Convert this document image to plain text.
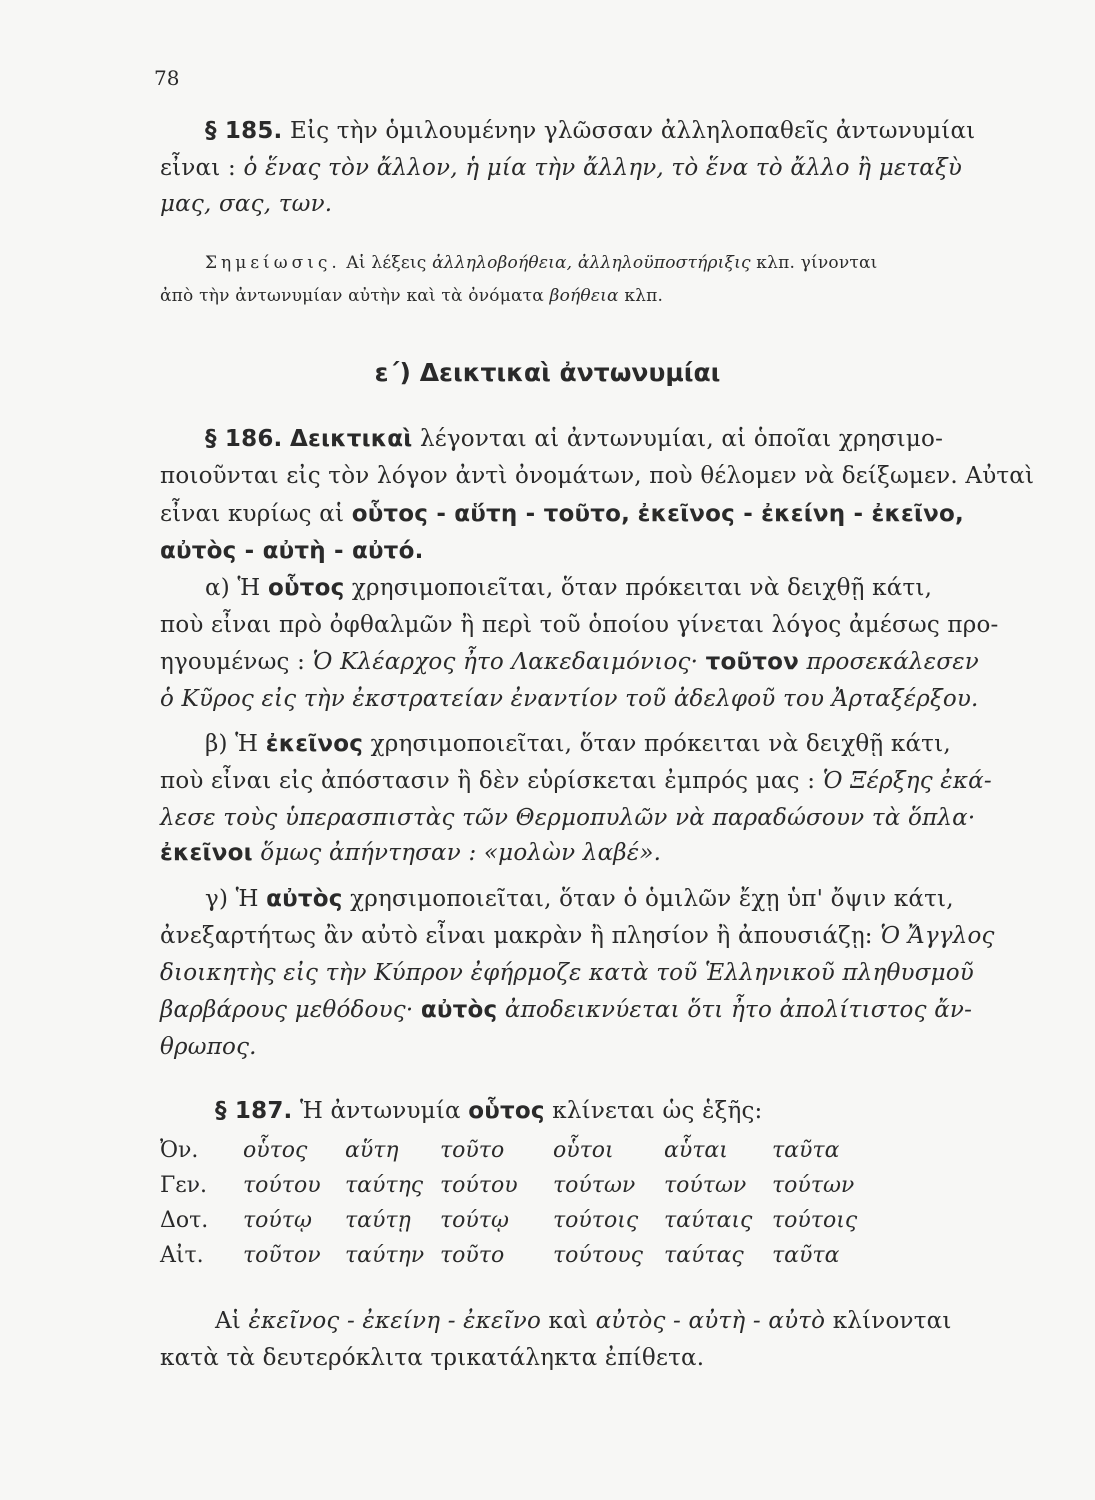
78
§ 185. Εἰς τὴν ὁμιλουμένην γλῶσσαν ἀλληλοπαθεῖς ἀντωνυμίαι
εἶναι : ὁ ἕνας τὸν ἄλλον, ἡ μία τὴν ἄλλην, τὸ ἕνα τὸ ἄλλο ἢ μεταξὺ
μας, σας, των.
Σημείωσις. Αἱ λέξεις ἀλληλοβοήθεια, ἀλληλοϋποστήριξις κλπ. γίνονται
ἀπὸ τὴν ἀντωνυμίαν αὐτὴν καὶ τὰ ὀνόματα βοήθεια κλπ.
ε΄) Δεικτικαὶ ἀντωνυμίαι
§ 186. Δεικτικαὶ λέγονται αἱ ἀντωνυμίαι, αἱ ὁποῖαι χρησιμο-
ποιοῦνται εἰς τὸν λόγον ἀντὶ ὀνομάτων, ποὺ θέλομεν νὰ δείξωμεν. Αὐταὶ
εἶναι κυρίως αἱ οὗτος - αὕτη - τοῦτο, ἐκεῖνος - ἐκείνη - ἐκεῖνο,
αὐτὸς - αὐτὴ - αὐτό.
α) Ἡ οὗτος χρησιμοποιεῖται, ὅταν πρόκειται νὰ δειχθῇ κάτι,
ποὺ εἶναι πρὸ ὀφθαλμῶν ἢ περὶ τοῦ ὁποίου γίνεται λόγος ἀμέσως προ-
ηγουμένως : Ὁ Κλέαρχος ἦτο Λακεδαιμόνιος· τοῦτον προσεκάλεσεν
ὁ Κῦρος εἰς τὴν ἐκστρατείαν ἐναντίον τοῦ ἀδελφοῦ του Ἀρταξέρξου.
β) Ἡ ἐκεῖνος χρησιμοποιεῖται, ὅταν πρόκειται νὰ δειχθῇ κάτι,
ποὺ εἶναι εἰς ἀπόστασιν ἢ δὲν εὑρίσκεται ἐμπρός μας : Ὁ Ξέρξης ἐκά-
λεσε τοὺς ὑπερασπιστὰς τῶν Θερμοπυλῶν νὰ παραδώσουν τὰ ὅπλα·
ἐκεῖνοι ὅμως ἀπήντησαν : «μολὼν λαβέ».
γ) Ἡ αὐτὸς χρησιμοποιεῖται, ὅταν ὁ ὁμιλῶν ἔχῃ ὑπ' ὄψιν κάτι,
ἀνεξαρτήτως ἂν αὐτὸ εἶναι μακρὰν ἢ πλησίον ἢ ἀπουσιάζῃ: Ὁ Ἄγγλος
διοικητὴς εἰς τὴν Κύπρον ἐφήρμοζε κατὰ τοῦ Ἑλληνικοῦ πληθυσμοῦ
βαρβάρους μεθόδους· αὐτὸς ἀποδεικνύεται ὅτι ἦτο ἀπολίτιστος ἄν-
θρωπος.
§ 187. Ἡ ἀντωνυμία οὗτος κλίνεται ὡς ἑξῆς:
Ὀν. οὗτος αὕτη τοῦτο οὗτοι αὗται ταῦτα
Γεν. τούτου ταύτης τούτου τούτων τούτων τούτων
Δοτ. τούτῳ ταύτῃ τούτῳ τούτοις ταύταις τούτοις
Αἰτ. τοῦτον ταύτην τοῦτο τούτους ταύτας ταῦτα
Αἱ ἐκεῖνος - ἐκείνη - ἐκεῖνο καὶ αὐτὸς - αὐτὴ - αὐτὸ κλίνονται
κατὰ τὰ δευτερόκλιτα τρικατάληκτα ἐπίθετα.
